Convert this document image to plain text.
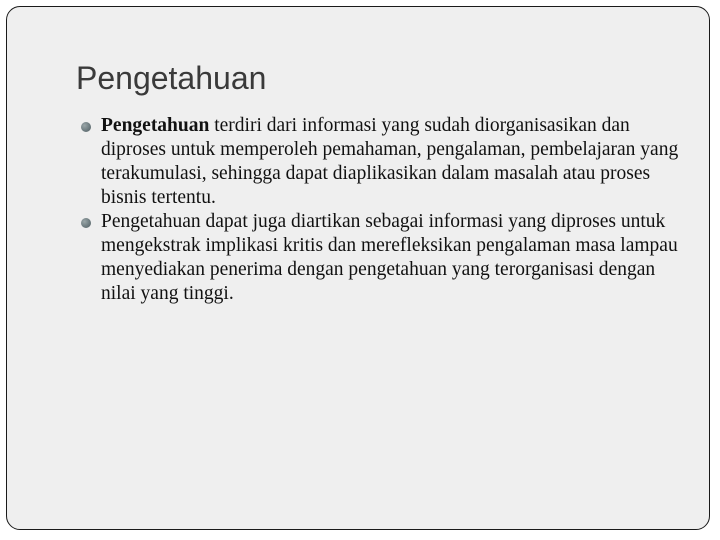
Pengetahuan
Pengetahuan terdiri dari informasi yang sudah diorganisasikan dan diproses untuk memperoleh pemahaman, pengalaman, pembelajaran yang terakumulasi, sehingga dapat diaplikasikan dalam masalah atau proses bisnis tertentu.
Pengetahuan dapat juga diartikan sebagai informasi yang diproses untuk mengekstrak implikasi kritis dan merefleksikan pengalaman masa lampau menyediakan penerima dengan pengetahuan yang terorganisasi dengan nilai yang tinggi.
